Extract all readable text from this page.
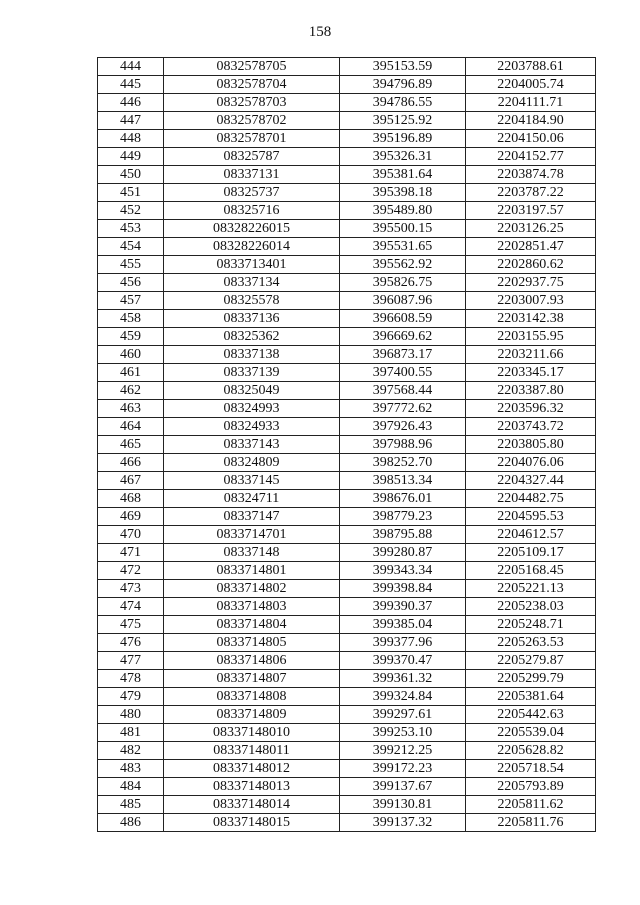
158
444	0832578705	395153.59	2203788.61
445	0832578704	394796.89	2204005.74
446	0832578703	394786.55	2204111.71
447	0832578702	395125.92	2204184.90
448	0832578701	395196.89	2204150.06
449	08325787	395326.31	2204152.77
450	08337131	395381.64	2203874.78
451	08325737	395398.18	2203787.22
452	08325716	395489.80	2203197.57
453	08328226015	395500.15	2203126.25
454	08328226014	395531.65	2202851.47
455	0833713401	395562.92	2202860.62
456	08337134	395826.75	2202937.75
457	08325578	396087.96	2203007.93
458	08337136	396608.59	2203142.38
459	08325362	396669.62	2203155.95
460	08337138	396873.17	2203211.66
461	08337139	397400.55	2203345.17
462	08325049	397568.44	2203387.80
463	08324993	397772.62	2203596.32
464	08324933	397926.43	2203743.72
465	08337143	397988.96	2203805.80
466	08324809	398252.70	2204076.06
467	08337145	398513.34	2204327.44
468	08324711	398676.01	2204482.75
469	08337147	398779.23	2204595.53
470	0833714701	398795.88	2204612.57
471	08337148	399280.87	2205109.17
472	0833714801	399343.34	2205168.45
473	0833714802	399398.84	2205221.13
474	0833714803	399390.37	2205238.03
475	0833714804	399385.04	2205248.71
476	0833714805	399377.96	2205263.53
477	0833714806	399370.47	2205279.87
478	0833714807	399361.32	2205299.79
479	0833714808	399324.84	2205381.64
480	0833714809	399297.61	2205442.63
481	08337148010	399253.10	2205539.04
482	08337148011	399212.25	2205628.82
483	08337148012	399172.23	2205718.54
484	08337148013	399137.67	2205793.89
485	08337148014	399130.81	2205811.62
486	08337148015	399137.32	2205811.76
